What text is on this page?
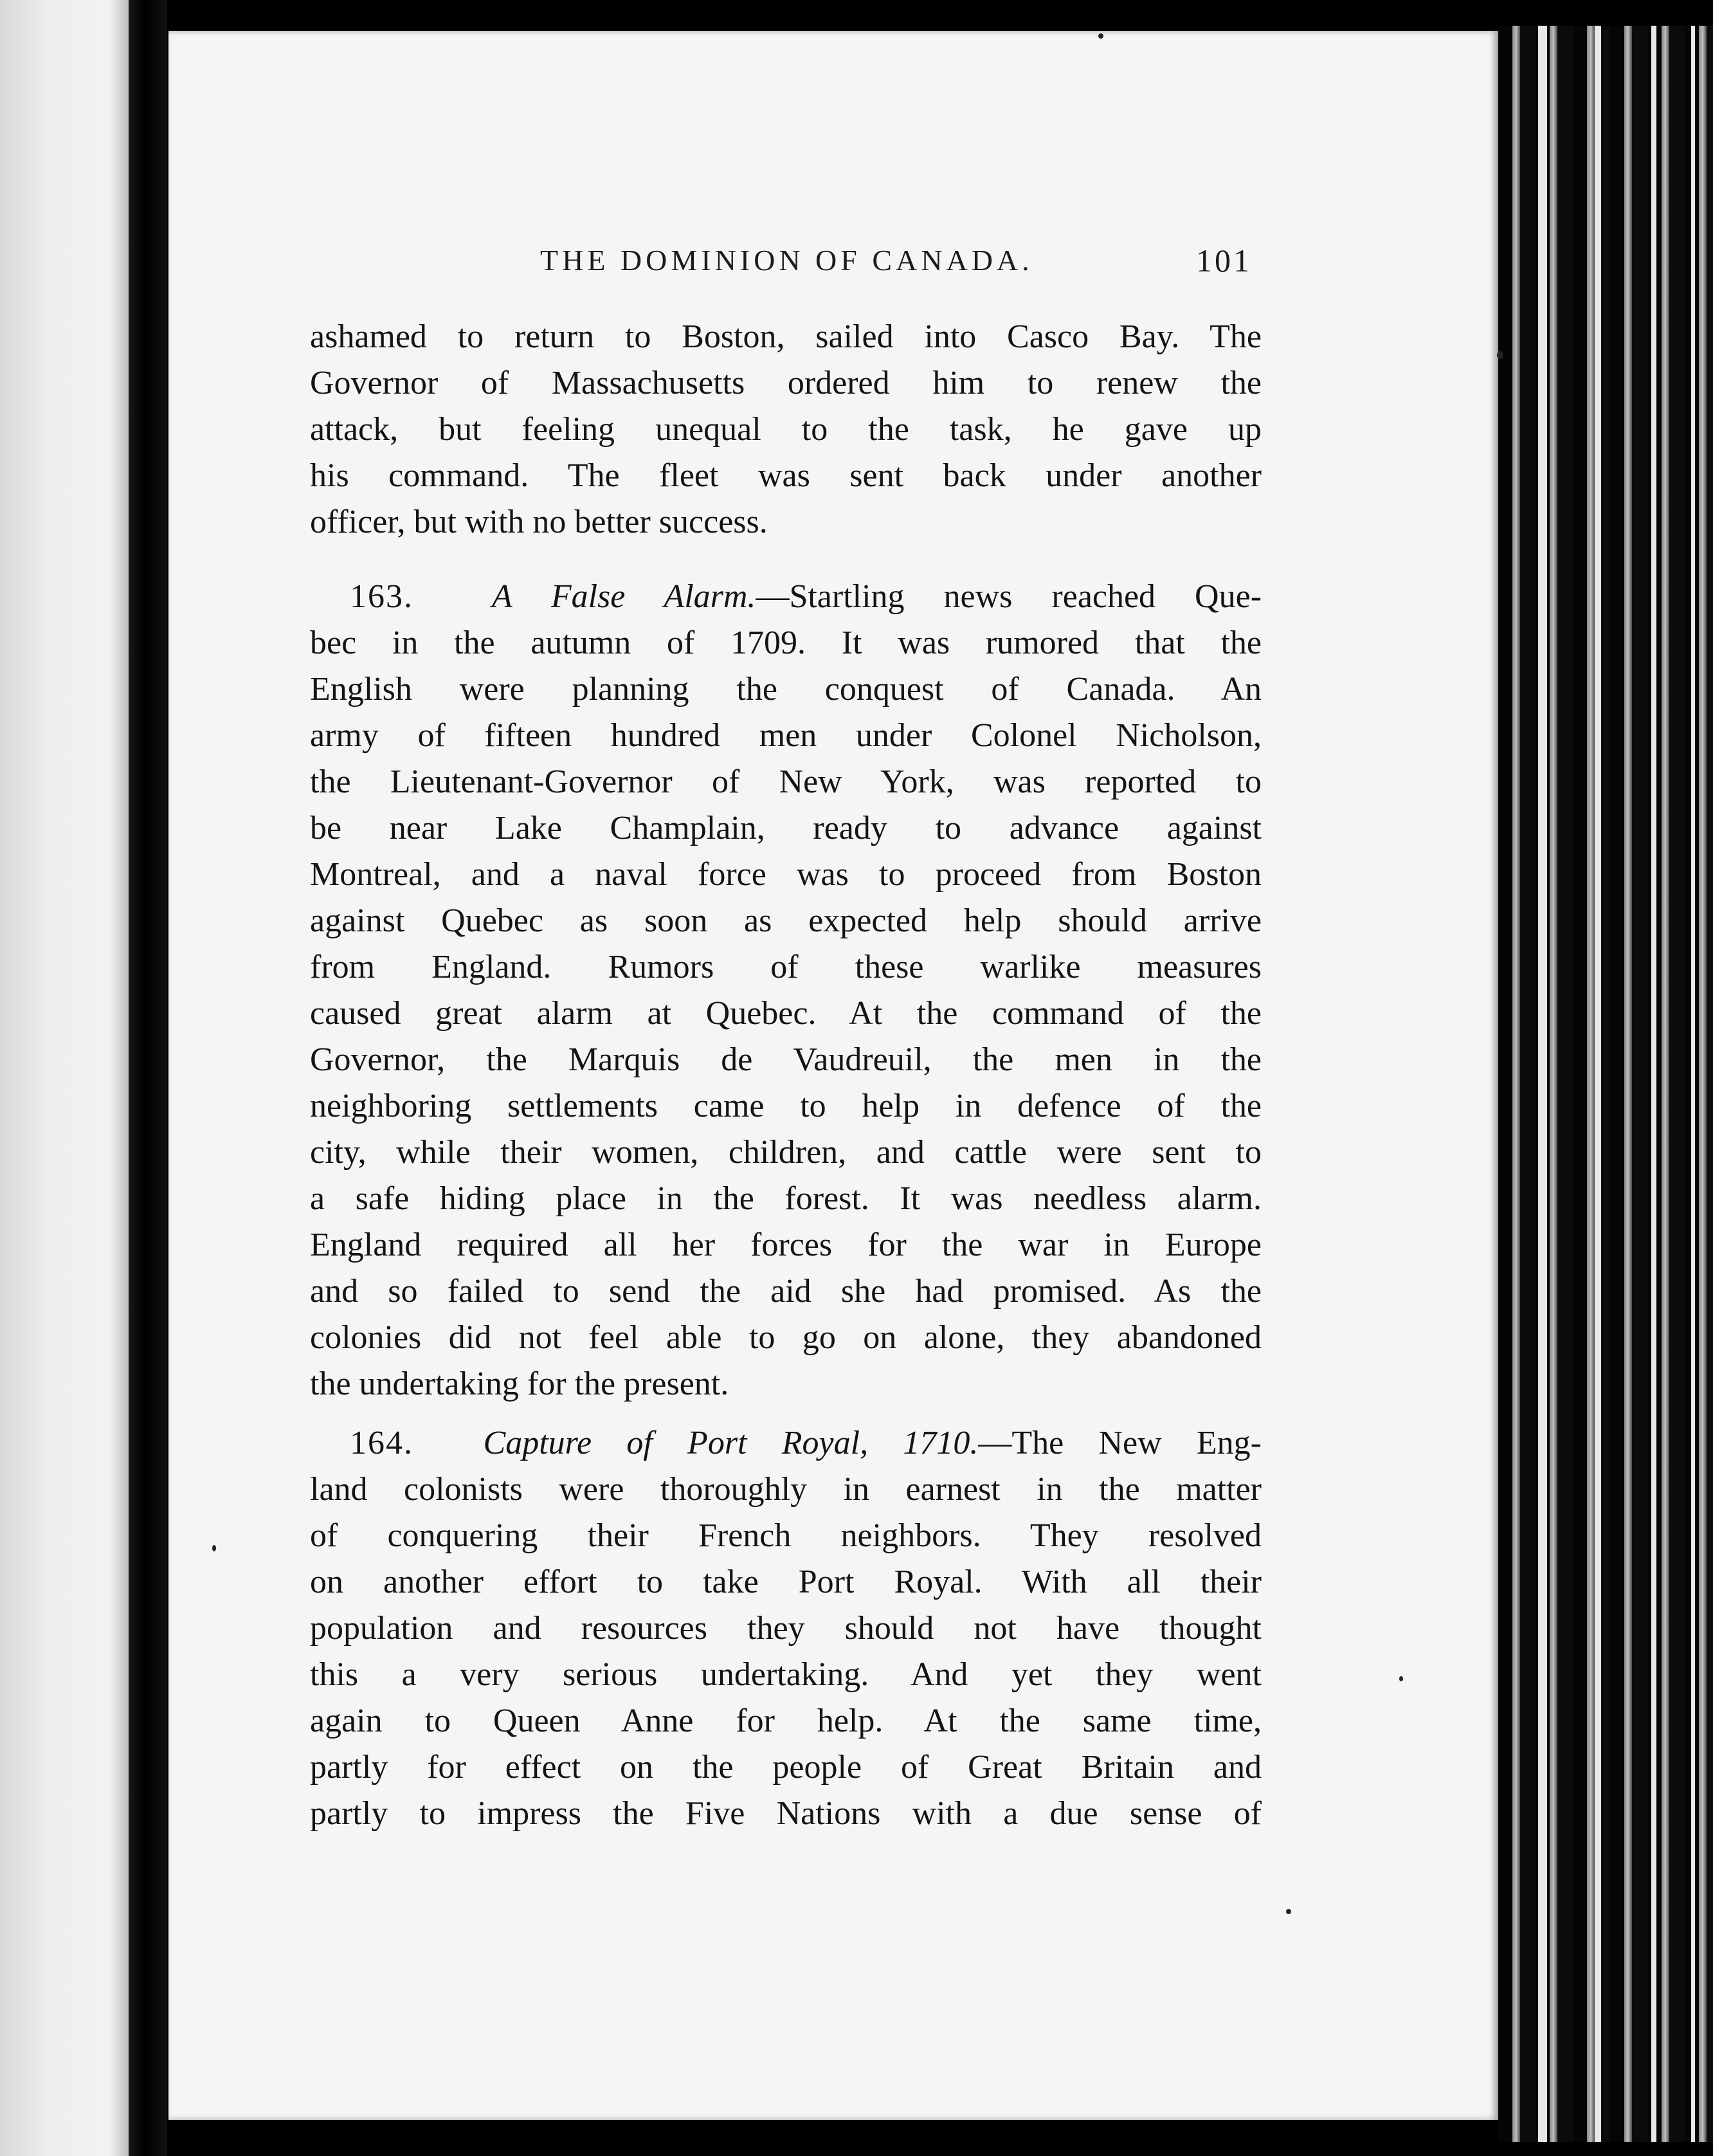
THE DOMINION OF CANADA.	101
ashamed to return to Boston, sailed into Casco Bay. The
Governor of Massachusetts ordered him to renew the
attack, but feeling unequal to the task, he gave up
his command. The fleet was sent back under another
officer, but with no better success.
163. A False Alarm.—Startling news reached Que-
bec in the autumn of 1709. It was rumored that the
English were planning the conquest of Canada. An
army of fifteen hundred men under Colonel Nicholson,
the Lieutenant-Governor of New York, was reported to
be near Lake Champlain, ready to advance against
Montreal, and a naval force was to proceed from Boston
against Quebec as soon as expected help should arrive
from England. Rumors of these warlike measures
caused great alarm at Quebec. At the command of the
Governor, the Marquis de Vaudreuil, the men in the
neighboring settlements came to help in defence of the
city, while their women, children, and cattle were sent to
a safe hiding place in the forest. It was needless alarm.
England required all her forces for the war in Europe
and so failed to send the aid she had promised. As the
colonies did not feel able to go on alone, they abandoned
the undertaking for the present.
164. Capture of Port Royal, 1710.—The New Eng-
land colonists were thoroughly in earnest in the matter
of conquering their French neighbors. They resolved
on another effort to take Port Royal. With all their
population and resources they should not have thought
this a very serious undertaking. And yet they went
again to Queen Anne for help. At the same time,
partly for effect on the people of Great Britain and
partly to impress the Five Nations with a due sense of
